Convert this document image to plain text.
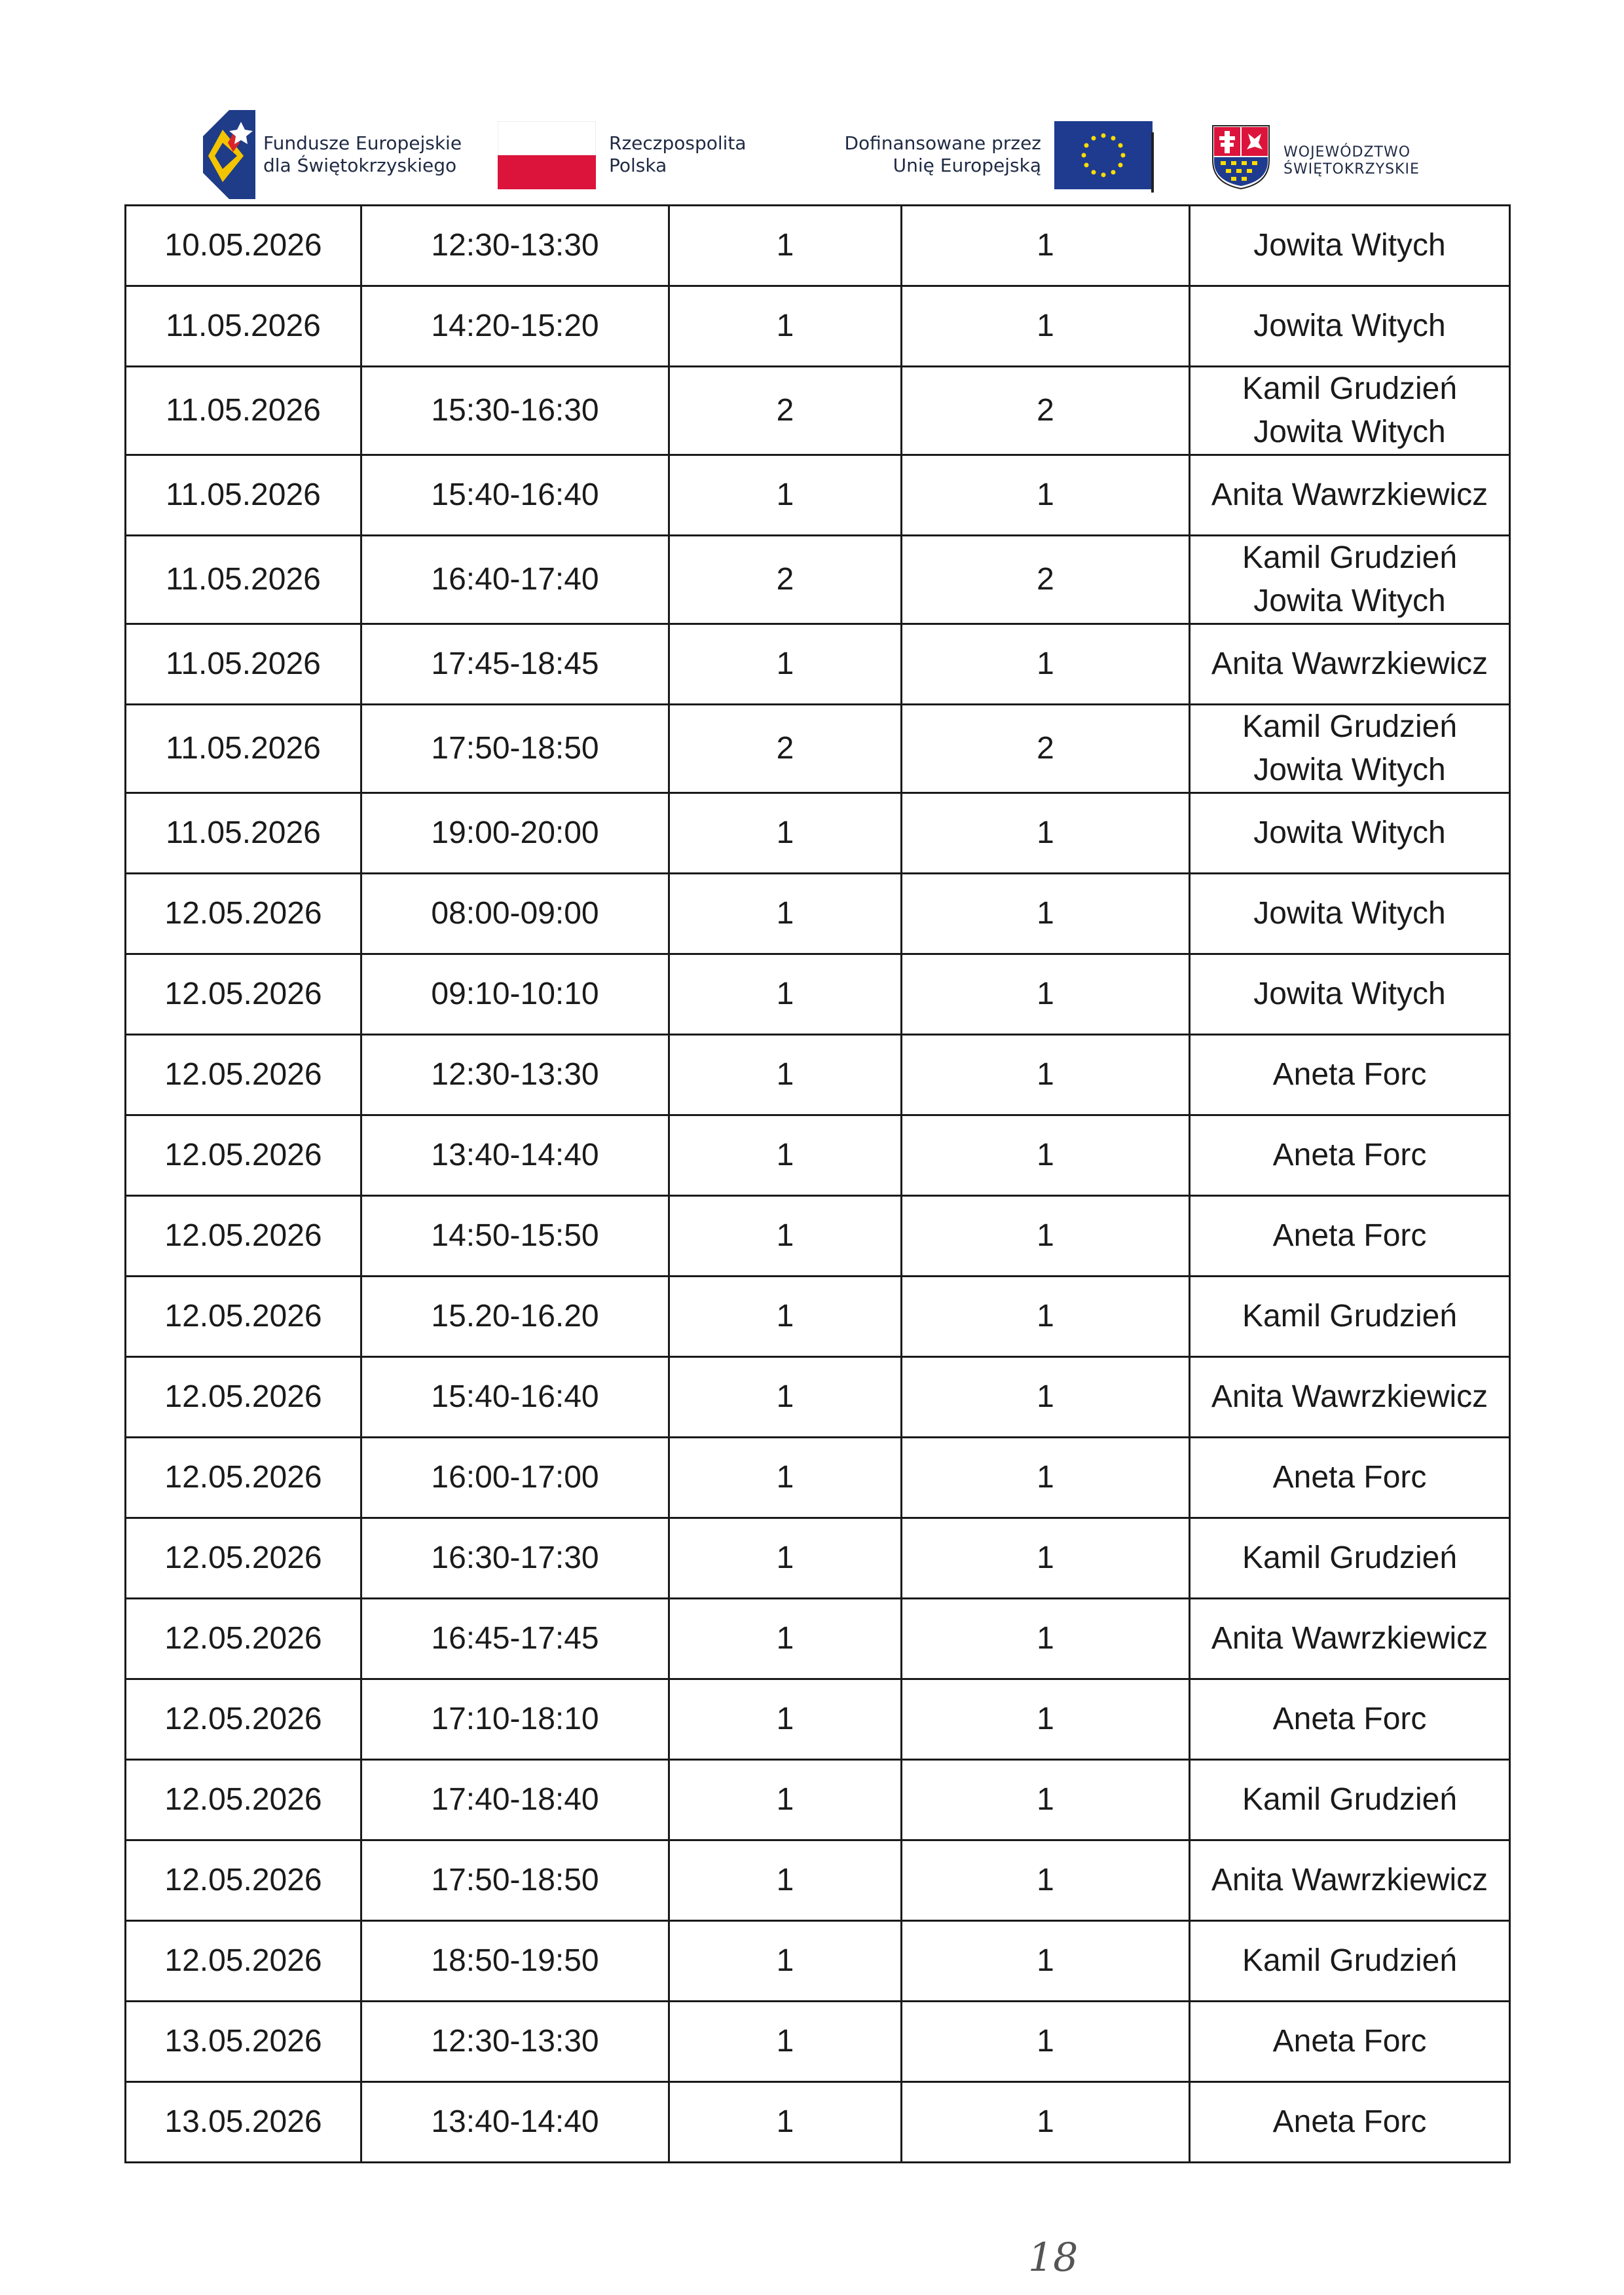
Fundusze Europejskie
dla Świętokrzyskiego
Rzeczpospolita
Polska
Dofinansowane przez
Unię Europejską
WOJEWÓDZTWO
ŚWIĘTOKRZYSKIE
10.05.2026	12:30-13:30	1	1	Jowita Witych

11.05.2026	14:20-15:20	1	1	Jowita Witych

11.05.2026	15:30-16:30	2	2	Kamil Grudzień
Jowita Witych

11.05.2026	15:40-16:40	1	1	Anita Wawrzkiewicz

11.05.2026	16:40-17:40	2	2	Kamil Grudzień
Jowita Witych

11.05.2026	17:45-18:45	1	1	Anita Wawrzkiewicz

11.05.2026	17:50-18:50	2	2	Kamil Grudzień
Jowita Witych

11.05.2026	19:00-20:00	1	1	Jowita Witych

12.05.2026	08:00-09:00	1	1	Jowita Witych

12.05.2026	09:10-10:10	1	1	Jowita Witych

12.05.2026	12:30-13:30	1	1	Aneta Forc

12.05.2026	13:40-14:40	1	1	Aneta Forc

12.05.2026	14:50-15:50	1	1	Aneta Forc

12.05.2026	15.20-16.20	1	1	Kamil Grudzień

12.05.2026	15:40-16:40	1	1	Anita Wawrzkiewicz

12.05.2026	16:00-17:00	1	1	Aneta Forc

12.05.2026	16:30-17:30	1	1	Kamil Grudzień

12.05.2026	16:45-17:45	1	1	Anita Wawrzkiewicz

12.05.2026	17:10-18:10	1	1	Aneta Forc

12.05.2026	17:40-18:40	1	1	Kamil Grudzień

12.05.2026	17:50-18:50	1	1	Anita Wawrzkiewicz

12.05.2026	18:50-19:50	1	1	Kamil Grudzień

13.05.2026	12:30-13:30	1	1	Aneta Forc

13.05.2026	13:40-14:40	1	1	Aneta Forc
18
